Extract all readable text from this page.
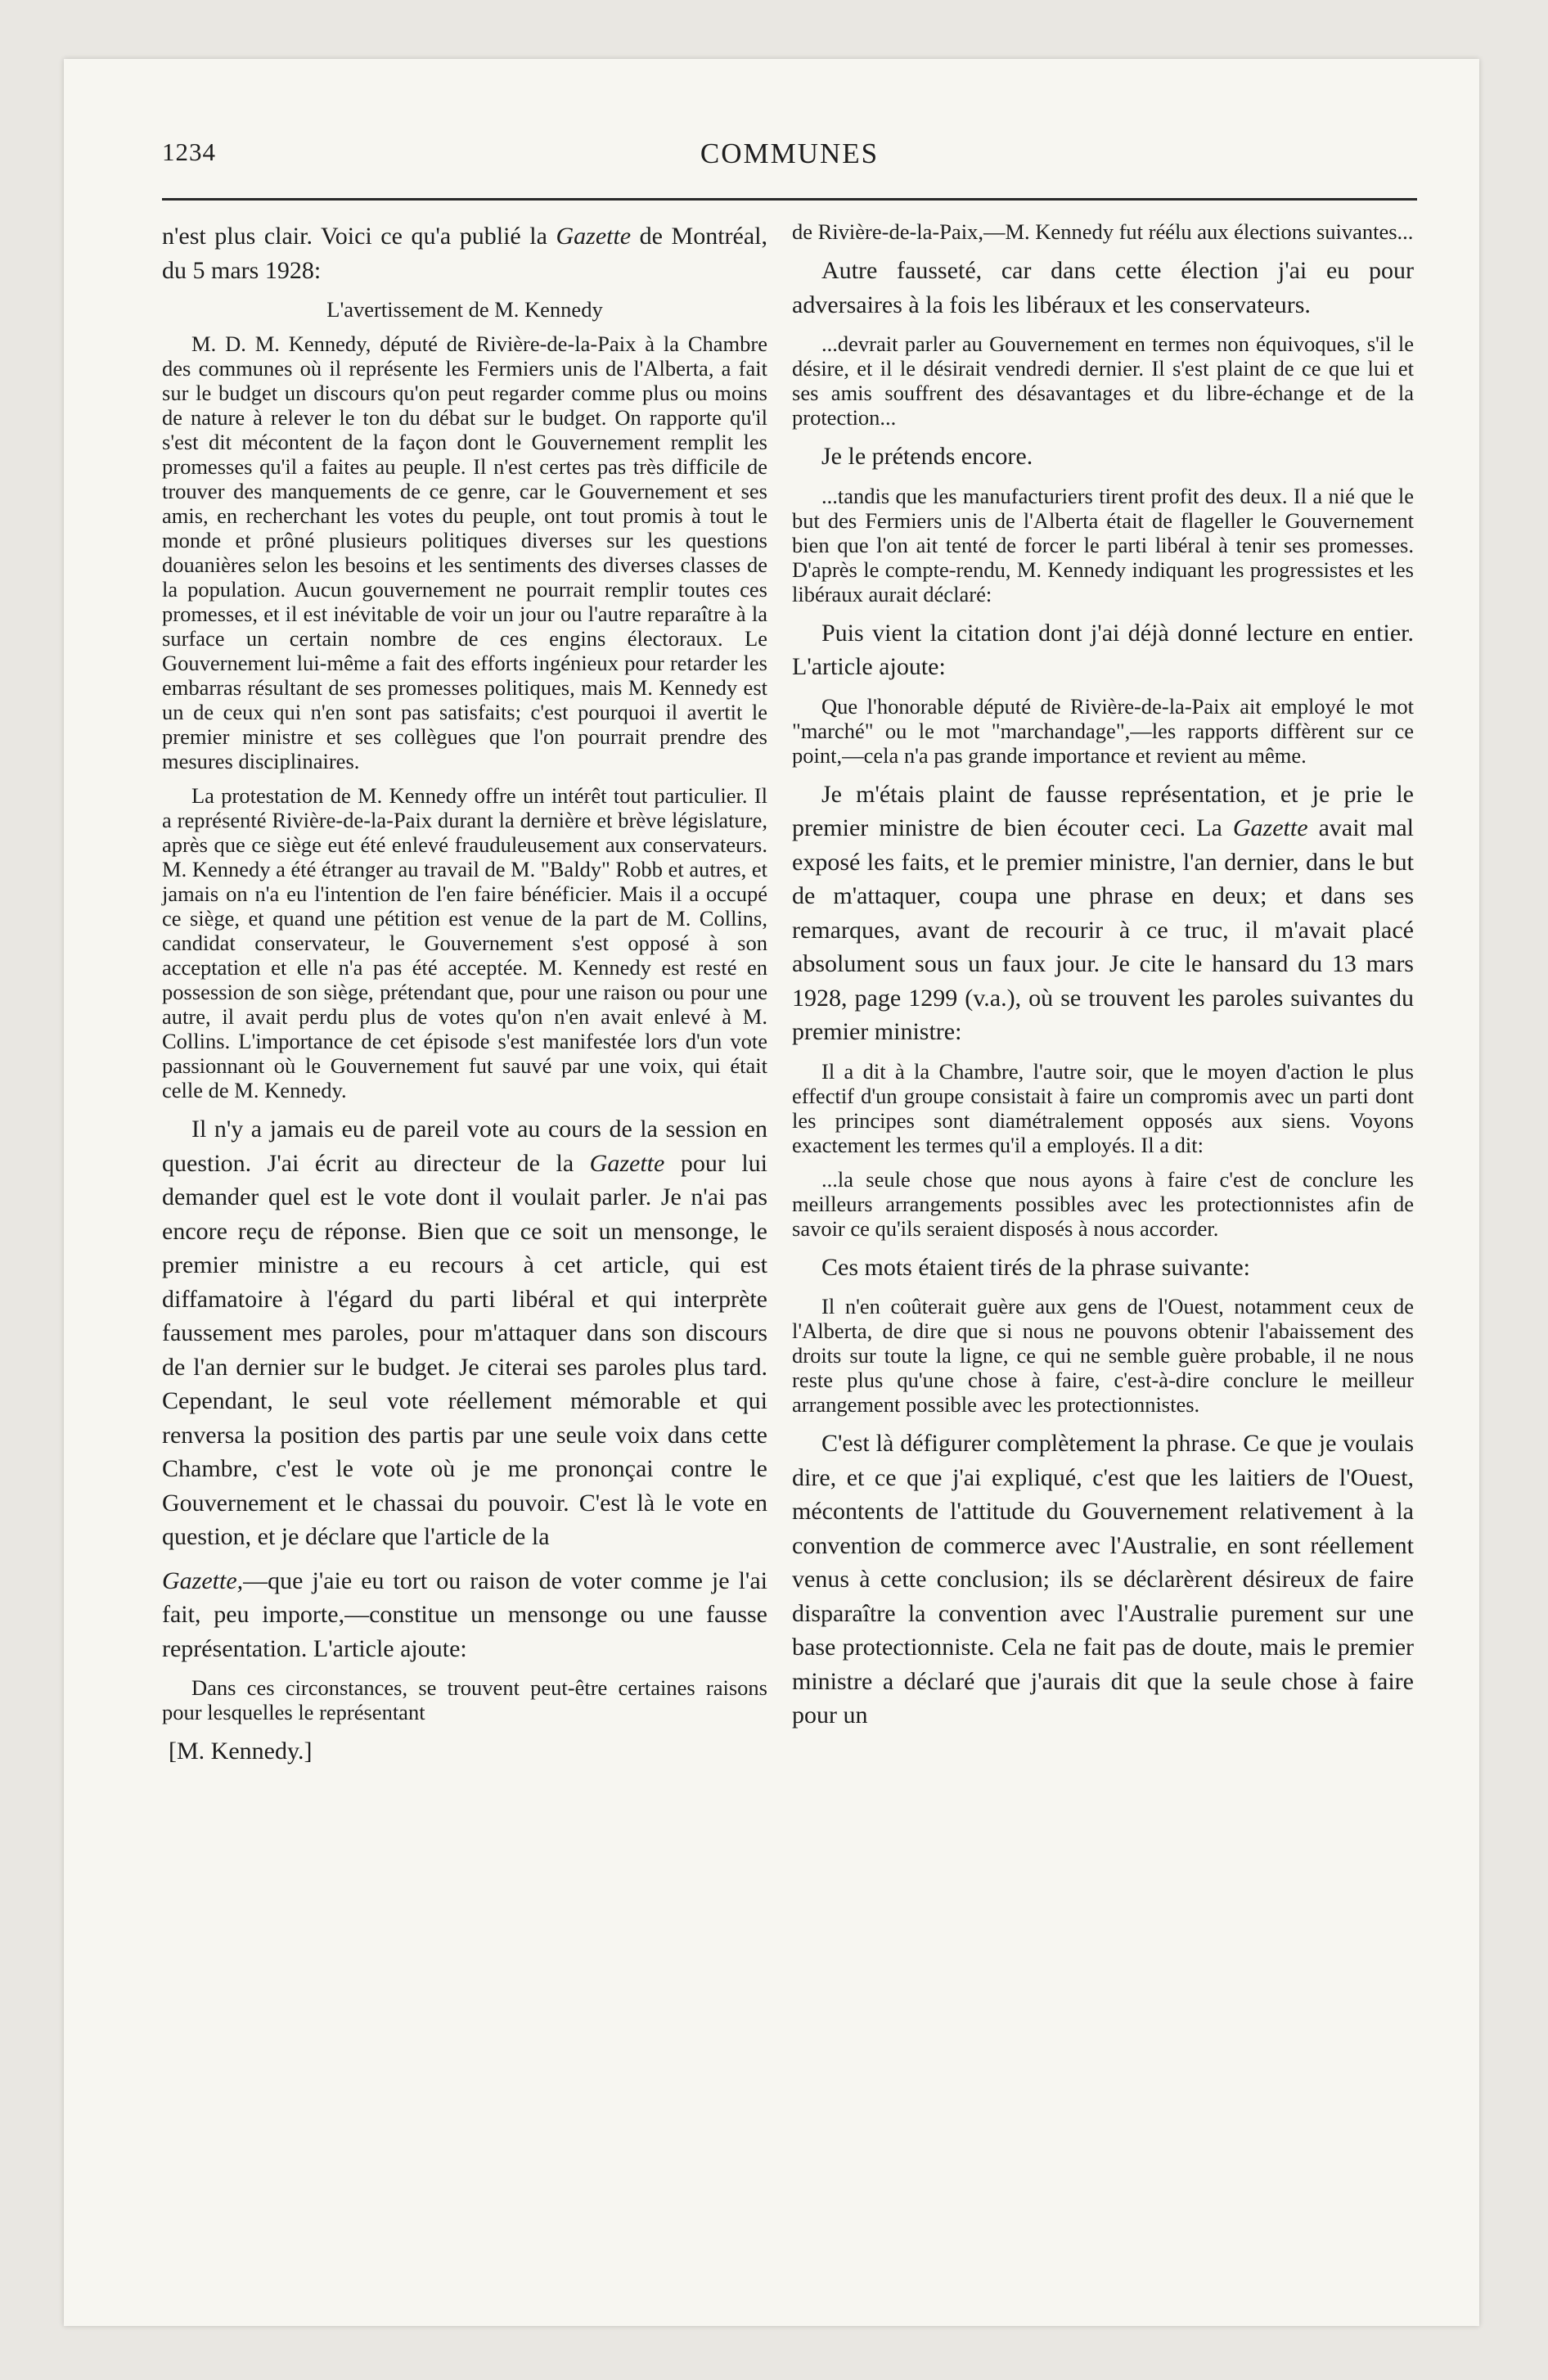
1234	COMMUNES

n'est plus clair. Voici ce qu'a publié la Gazette de Montréal, du 5 mars 1928:

L'avertissement de M. Kennedy

M. D. M. Kennedy, député de Rivière-de-la-Paix à la Chambre des communes où il représente les Fermiers unis de l'Alberta, a fait sur le budget un discours qu'on peut regarder comme plus ou moins de nature à relever le ton du débat sur le budget. On rapporte qu'il s'est dit mécontent de la façon dont le Gouvernement remplit les promesses qu'il a faites au peuple. Il n'est certes pas très difficile de trouver des manquements de ce genre, car le Gouvernement et ses amis, en recherchant les votes du peuple, ont tout promis à tout le monde et prôné plusieurs politiques diverses sur les questions douanières selon les besoins et les sentiments des diverses classes de la population. Aucun gouvernement ne pourrait remplir toutes ces promesses, et il est inévitable de voir un jour ou l'autre reparaître à la surface un certain nombre de ces engins électoraux. Le Gouvernement lui-même a fait des efforts ingénieux pour retarder les embarras résultant de ses promesses politiques, mais M. Kennedy est un de ceux qui n'en sont pas satisfaits; c'est pourquoi il avertit le premier ministre et ses collègues que l'on pourrait prendre des mesures disciplinaires.

La protestation de M. Kennedy offre un intérêt tout particulier. Il a représenté Rivière-de-la-Paix durant la dernière et brève législature, après que ce siège eut été enlevé frauduleusement aux conservateurs. M. Kennedy a été étranger au travail de M. "Baldy" Robb et autres, et jamais on n'a eu l'intention de l'en faire bénéficier. Mais il a occupé ce siège, et quand une pétition est venue de la part de M. Collins, candidat conservateur, le Gouvernement s'est opposé à son acceptation et elle n'a pas été acceptée. M. Kennedy est resté en possession de son siège, prétendant que, pour une raison ou pour une autre, il avait perdu plus de votes qu'on n'en avait enlevé à M. Collins. L'importance de cet épisode s'est manifestée lors d'un vote passionnant où le Gouvernement fut sauvé par une voix, qui était celle de M. Kennedy.

Il n'y a jamais eu de pareil vote au cours de la session en question. J'ai écrit au directeur de la Gazette pour lui demander quel est le vote dont il voulait parler. Je n'ai pas encore reçu de réponse. Bien que ce soit un mensonge, le premier ministre a eu recours à cet article, qui est diffamatoire à l'égard du parti libéral et qui interprète faussement mes paroles, pour m'attaquer dans son discours de l'an dernier sur le budget. Je citerai ses paroles plus tard. Cependant, le seul vote réellement mémorable et qui renversa la position des partis par une seule voix dans cette Chambre, c'est le vote où je me prononçai contre le Gouvernement et le chassai du pouvoir. C'est là le vote en question, et je déclare que l'article de la

Gazette,—que j'aie eu tort ou raison de voter comme je l'ai fait, peu importe,—constitue un mensonge ou une fausse représentation. L'article ajoute:

Dans ces circonstances, se trouvent peut-être certaines raisons pour lesquelles le représentant

[M. Kennedy.]

de Rivière-de-la-Paix,—M. Kennedy fut réélu aux élections suivantes...

Autre fausseté, car dans cette élection j'ai eu pour adversaires à la fois les libéraux et les conservateurs.

...devrait parler au Gouvernement en termes non équivoques, s'il le désire, et il le désirait vendredi dernier. Il s'est plaint de ce que lui et ses amis souffrent des désavantages et du libre-échange et de la protection...

Je le prétends encore.

...tandis que les manufacturiers tirent profit des deux. Il a nié que le but des Fermiers unis de l'Alberta était de flageller le Gouvernement bien que l'on ait tenté de forcer le parti libéral à tenir ses promesses. D'après le compte-rendu, M. Kennedy indiquant les progressistes et les libéraux aurait déclaré:

Puis vient la citation dont j'ai déjà donné lecture en entier. L'article ajoute:

Que l'honorable député de Rivière-de-la-Paix ait employé le mot "marché" ou le mot "marchandage",—les rapports diffèrent sur ce point,—cela n'a pas grande importance et revient au même.

Je m'étais plaint de fausse représentation, et je prie le premier ministre de bien écouter ceci. La Gazette avait mal exposé les faits, et le premier ministre, l'an dernier, dans le but de m'attaquer, coupa une phrase en deux; et dans ses remarques, avant de recourir à ce truc, il m'avait placé absolument sous un faux jour. Je cite le hansard du 13 mars 1928, page 1299 (v.a.), où se trouvent les paroles suivantes du premier ministre:

Il a dit à la Chambre, l'autre soir, que le moyen d'action le plus effectif d'un groupe consistait à faire un compromis avec un parti dont les principes sont diamétralement opposés aux siens. Voyons exactement les termes qu'il a employés. Il a dit:

...la seule chose que nous ayons à faire c'est de conclure les meilleurs arrangements possibles avec les protectionnistes afin de savoir ce qu'ils seraient disposés à nous accorder.

Ces mots étaient tirés de la phrase suivante:

Il n'en coûterait guère aux gens de l'Ouest, notamment ceux de l'Alberta, de dire que si nous ne pouvons obtenir l'abaissement des droits sur toute la ligne, ce qui ne semble guère probable, il ne nous reste plus qu'une chose à faire, c'est-à-dire conclure le meilleur arrangement possible avec les protectionnistes.

C'est là défigurer complètement la phrase. Ce que je voulais dire, et ce que j'ai expliqué, c'est que les laitiers de l'Ouest, mécontents de l'attitude du Gouvernement relativement à la convention de commerce avec l'Australie, en sont réellement venus à cette conclusion; ils se déclarèrent désireux de faire disparaître la convention avec l'Australie purement sur une base protectionniste. Cela ne fait pas de doute, mais le premier ministre a déclaré que j'aurais dit que la seule chose à faire pour un
